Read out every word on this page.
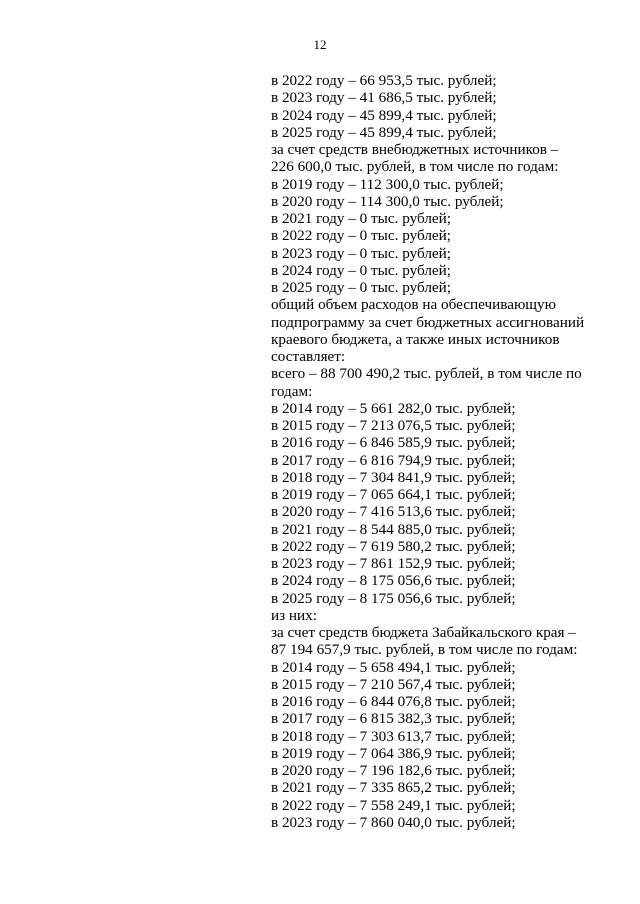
12
в 2022 году – 66 953,5 тыс. рублей;
в 2023 году – 41 686,5 тыс. рублей;
в 2024 году – 45 899,4 тыс. рублей;
в 2025 году – 45 899,4 тыс. рублей;
за счет средств внебюджетных источников –
226 600,0 тыс. рублей, в том числе по годам:
в 2019 году – 112 300,0 тыс. рублей;
в 2020 году – 114 300,0 тыс. рублей;
в 2021 году – 0 тыс. рублей;
в 2022 году – 0 тыс. рублей;
в 2023 году – 0 тыс. рублей;
в 2024 году – 0 тыс. рублей;
в 2025 году – 0 тыс. рублей;
общий объем расходов на обеспечивающую
подпрограмму за счет бюджетных ассигнований
краевого бюджета, а также иных источников
составляет:
всего – 88 700 490,2 тыс. рублей, в том числе по
годам:
в 2014 году – 5 661 282,0 тыс. рублей;
в 2015 году – 7 213 076,5 тыс. рублей;
в 2016 году – 6 846 585,9 тыс. рублей;
в 2017 году – 6 816 794,9 тыс. рублей;
в 2018 году – 7 304 841,9 тыс. рублей;
в 2019 году – 7 065 664,1 тыс. рублей;
в 2020 году – 7 416 513,6 тыс. рублей;
в 2021 году – 8 544 885,0 тыс. рублей;
в 2022 году – 7 619 580,2 тыс. рублей;
в 2023 году – 7 861 152,9 тыс. рублей;
в 2024 году – 8 175 056,6 тыс. рублей;
в 2025 году – 8 175 056,6 тыс. рублей;
из них:
за счет средств бюджета Забайкальского края –
87 194 657,9 тыс. рублей, в том числе по годам:
в 2014 году – 5 658 494,1 тыс. рублей;
в 2015 году – 7 210 567,4 тыс. рублей;
в 2016 году – 6 844 076,8 тыс. рублей;
в 2017 году – 6 815 382,3 тыс. рублей;
в 2018 году – 7 303 613,7 тыс. рублей;
в 2019 году – 7 064 386,9 тыс. рублей;
в 2020 году – 7 196 182,6 тыс. рублей;
в 2021 году – 7 335 865,2 тыс. рублей;
в 2022 году – 7 558 249,1 тыс. рублей;
в 2023 году – 7 860 040,0 тыс. рублей;
